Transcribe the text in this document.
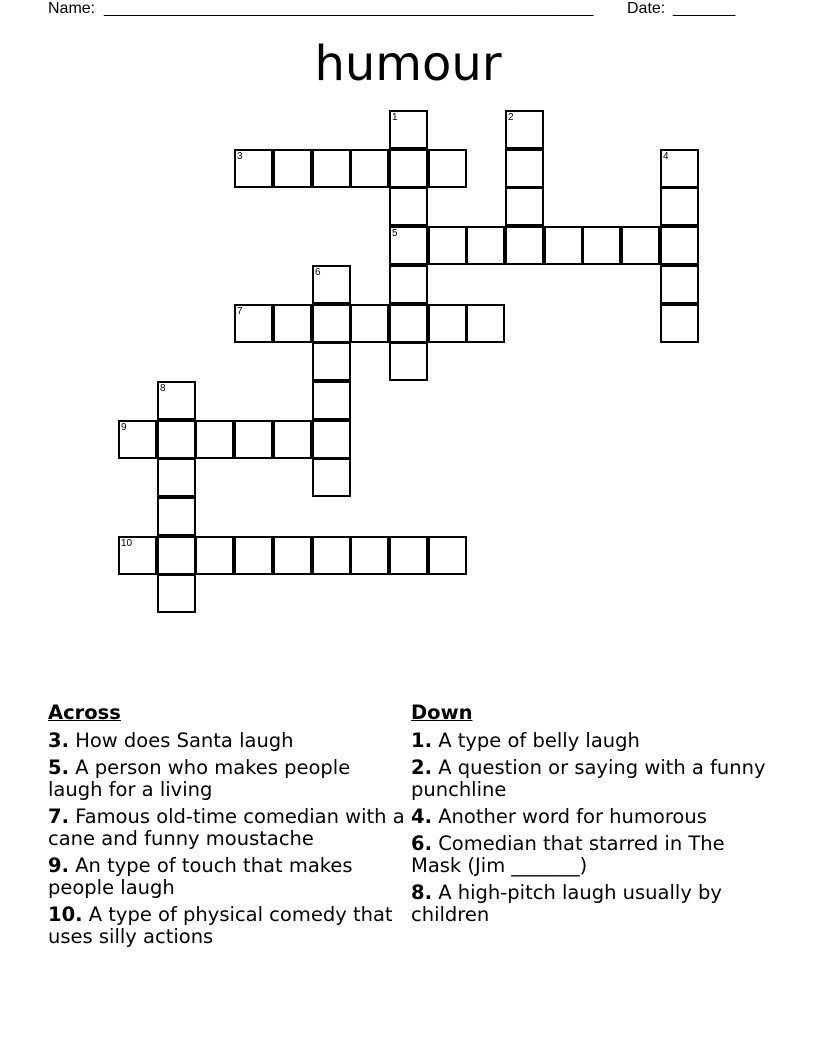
Name: _______________________________________________________ Date: _______
humour
1
5
2
3	4
6
7
8
9
10
Across
3. How does Santa laugh
5. A person who makes people laugh for a living
7. Famous old-time comedian with a cane and funny moustache
9. An type of touch that makes people laugh
10. A type of physical comedy that uses silly actions
Down
1. A type of belly laugh
2. A question or saying with a funny punchline
4. Another word for humorous
6. Comedian that starred in The Mask (Jim _______)
8. A high-pitch laugh usually by children
